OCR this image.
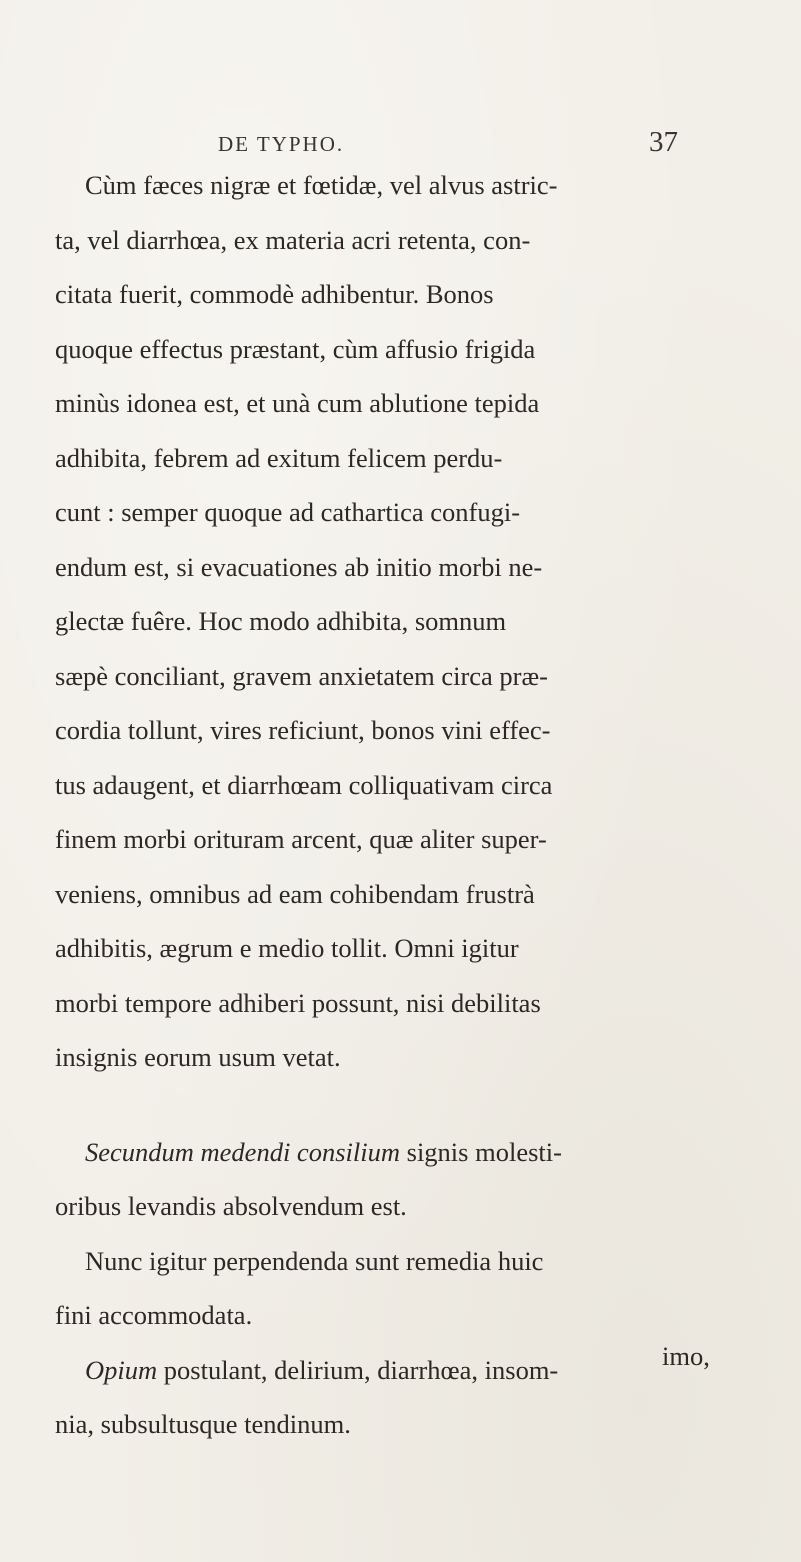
DE TYPHO.	37
Cùm fæces nigræ et fœtidæ, vel alvus astric-
ta, vel diarrhœa, ex materia acri retenta, con-
citata fuerit, commodè adhibentur. Bonos
quoque effectus præstant, cùm affusio frigida
minùs idonea est, et unà cum ablutione tepida
adhibita, febrem ad exitum felicem perdu-
cunt : semper quoque ad cathartica confugi-
endum est, si evacuationes ab initio morbi ne-
glectæ fuêre. Hoc modo adhibita, somnum
sæpè conciliant, gravem anxietatem circa præ-
cordia tollunt, vires reficiunt, bonos vini effec-
tus adaugent, et diarrhœam colliquativam circa
finem morbi orituram arcent, quæ aliter super-
veniens, omnibus ad eam cohibendam frustrà
adhibitis, ægrum e medio tollit. Omni igitur
morbi tempore adhiberi possunt, nisi debilitas
insignis eorum usum vetat.
Secundum medendi consilium signis molesti-
oribus levandis absolvendum est.
Nunc igitur perpendenda sunt remedia huic
fini accommodata.
Opium postulant, delirium, diarrhœa, insom-
nia, subsultusque tendinum.
imo,
